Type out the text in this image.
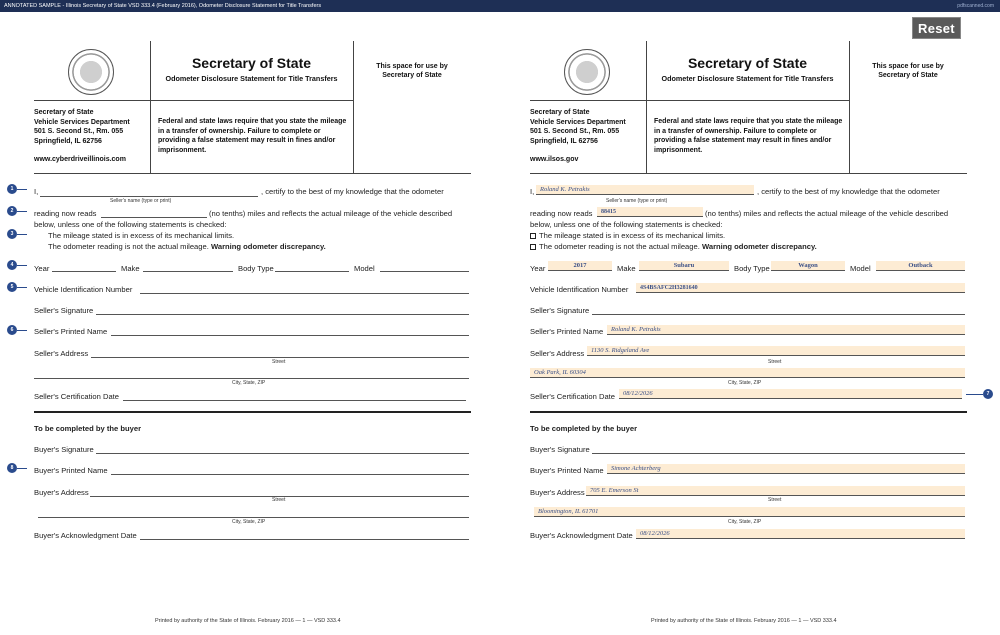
ANNOTATED SAMPLE - Illinois Secretary of State VSD 333.4 (February 2016), Odometer Disclosure Statement for Title Transfers	pdfscanned.com
Reset
Secretary of State
Odometer Disclosure Statement for Title Transfers
This space for use by
Secretary of State
Secretary of State
Vehicle Services Department
501 S. Second St., Rm. 055
Springfield, IL 62756
www.cyberdriveillinois.com
Federal and state laws require that you state the mileage in a transfer of ownership. Failure to complete or providing a false statement may result in fines and/or imprisonment.
1
2
3
4
5
6
8
I,	, certify to the best of my knowledge that the odometer
Seller's name (type or print)
reading now reads	(no tenths) miles and reflects the actual mileage of the vehicle described
below, unless one of the following statements is checked:
The mileage stated is in excess of its mechanical limits.
The odometer reading is not the actual mileage. Warning odometer discrepancy.
Year	Make	Body Type	Model
Vehicle Identification Number
Seller's Signature
Seller's Printed Name
Seller's Address
Street
City, State, ZIP
Seller's Certification Date
To be completed by the buyer
Buyer's Signature
Buyer's Printed Name
Buyer's Address
Street
City, State, ZIP
Buyer's Acknowledgment Date
Printed by authority of the State of Illinois. February 2016 — 1 — VSD 333.4
Secretary of State
Odometer Disclosure Statement for Title Transfers
This space for use by
Secretary of State
Secretary of State
Vehicle Services Department
501 S. Second St., Rm. 055
Springfield, IL 62756
www.ilsos.gov
Federal and state laws require that you state the mileage in a transfer of ownership. Failure to complete or providing a false statement may result in fines and/or imprisonment.
I, Roland K. Petrakis	, certify to the best of my knowledge that the odometer
Seller's name (type or print)
reading now reads	88415	(no tenths) miles and reflects the actual mileage of the vehicle described
below, unless one of the following statements is checked:
The mileage stated is in excess of its mechanical limits.
The odometer reading is not the actual mileage. Warning odometer discrepancy.
Year	2017	Make	Subaru	Body Type	Wagon	Model	Outback
Vehicle Identification Number	4S4BSAFC2H3281640
Seller's Signature
Seller's Printed Name	Roland K. Petrakis
Seller's Address	1130 S. Ridgeland Ave
Street
Oak Park, IL 60304
City, State, ZIP
Seller's Certification Date	08/12/2026
To be completed by the buyer
Buyer's Signature
Buyer's Printed Name	Simone Achterberg
Buyer's Address 705 E. Emerson St
Street
Bloomington, IL 61701
City, State, ZIP
Buyer's Acknowledgment Date	08/12/2026
Printed by authority of the State of Illinois. February 2016 — 1 — VSD 333.4
7
